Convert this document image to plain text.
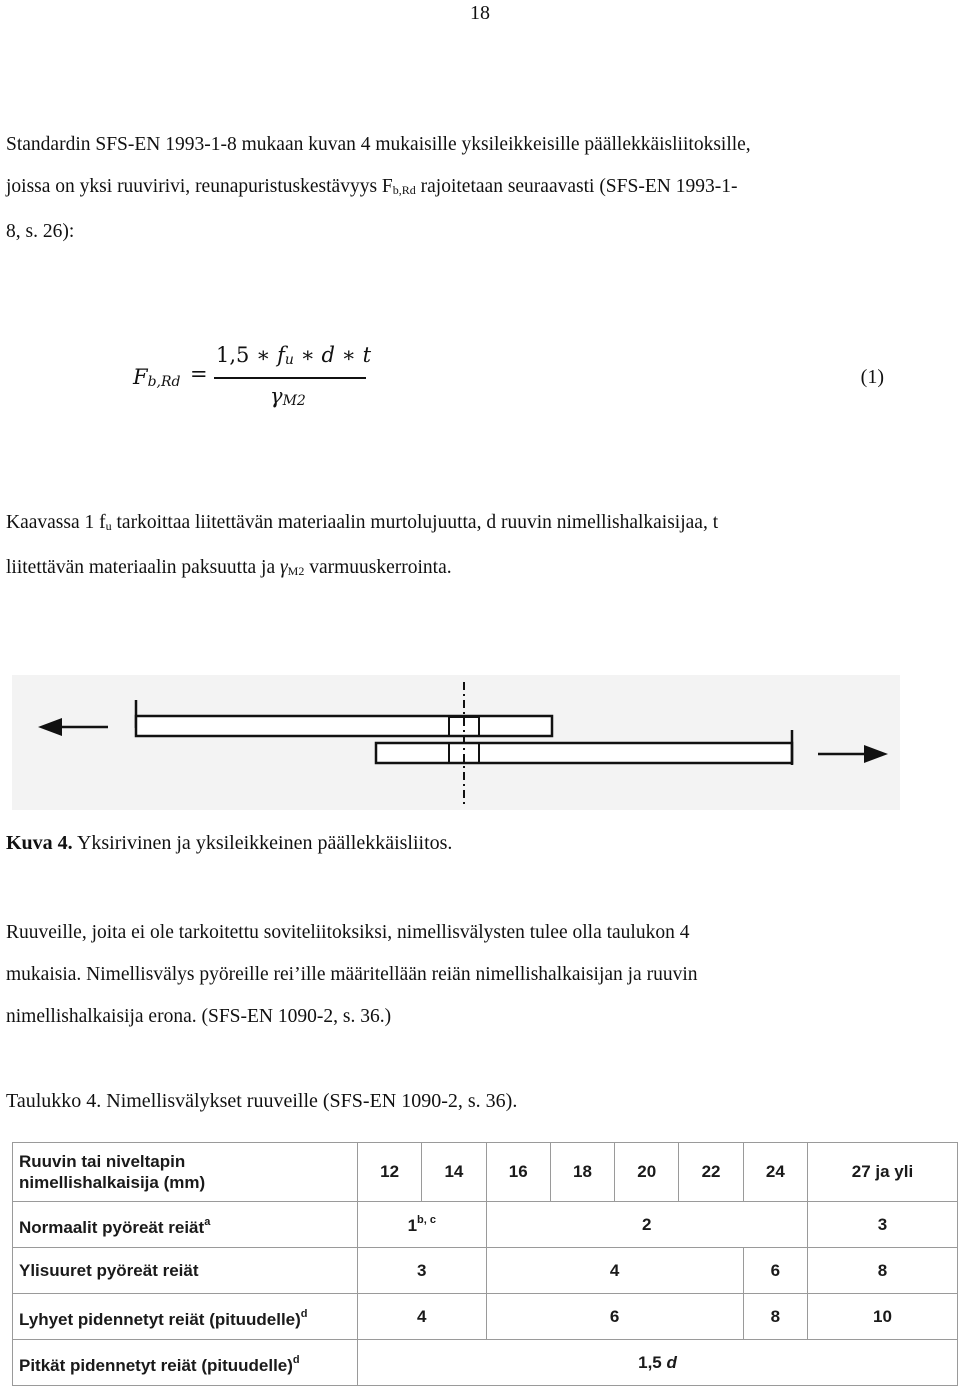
18
Standardin SFS-EN 1993-1-8 mukaan kuvan 4 mukaisille yksileikkeisille päällekkäisliitoksille,
joissa on yksi ruuvirivi, reunapuristuskestävyys $F_{b,Rd}$ rajoitetaan seuraavasti (SFS-EN 1993-1-
8, s. 26):
$F_{b,Rd}$ =
1,5 ∗ $f_u$ ∗ d ∗ t
$\gamma_{M2}$
(1)
Kaavassa 1 $f_u$ tarkoittaa liitettävän materiaalin murtolujuutta, d ruuvin nimellishalkaisijaa, t
liitettävän materiaalin paksuutta ja $\gamma_{M2}$ varmuuskerrointa.
Kuva 4. Yksirivinen ja yksileikkeinen päällekkäisliitos.
Ruuveille, joita ei ole tarkoitettu soviteliitoksiksi, nimellisvälysten tulee olla taulukon 4
mukaisia. Nimellisvälys pyöreille rei’ille määritellään reiän nimellishalkaisijan ja ruuvin
nimellishalkaisija erona. (SFS-EN 1090-2, s. 36.)
Taulukko 4. Nimellisvälykset ruuveille (SFS-EN 1090-2, s. 36).
Ruuvin tai niveltapin
nimellishalkaisija (mm)	12	14	16	18	20	22	24	27 ja yli
Normaalit pyöreät reiät$^a$	1$^{b, c}$		2					3
Ylisuuret pyöreät reiät	3		4				6	8
Lyhyet pidennetyt reiät (pituudelle)$^d$	4		6				8	10
Pitkät pidennetyt reiät (pituudelle)$^d$	1,5 d							
